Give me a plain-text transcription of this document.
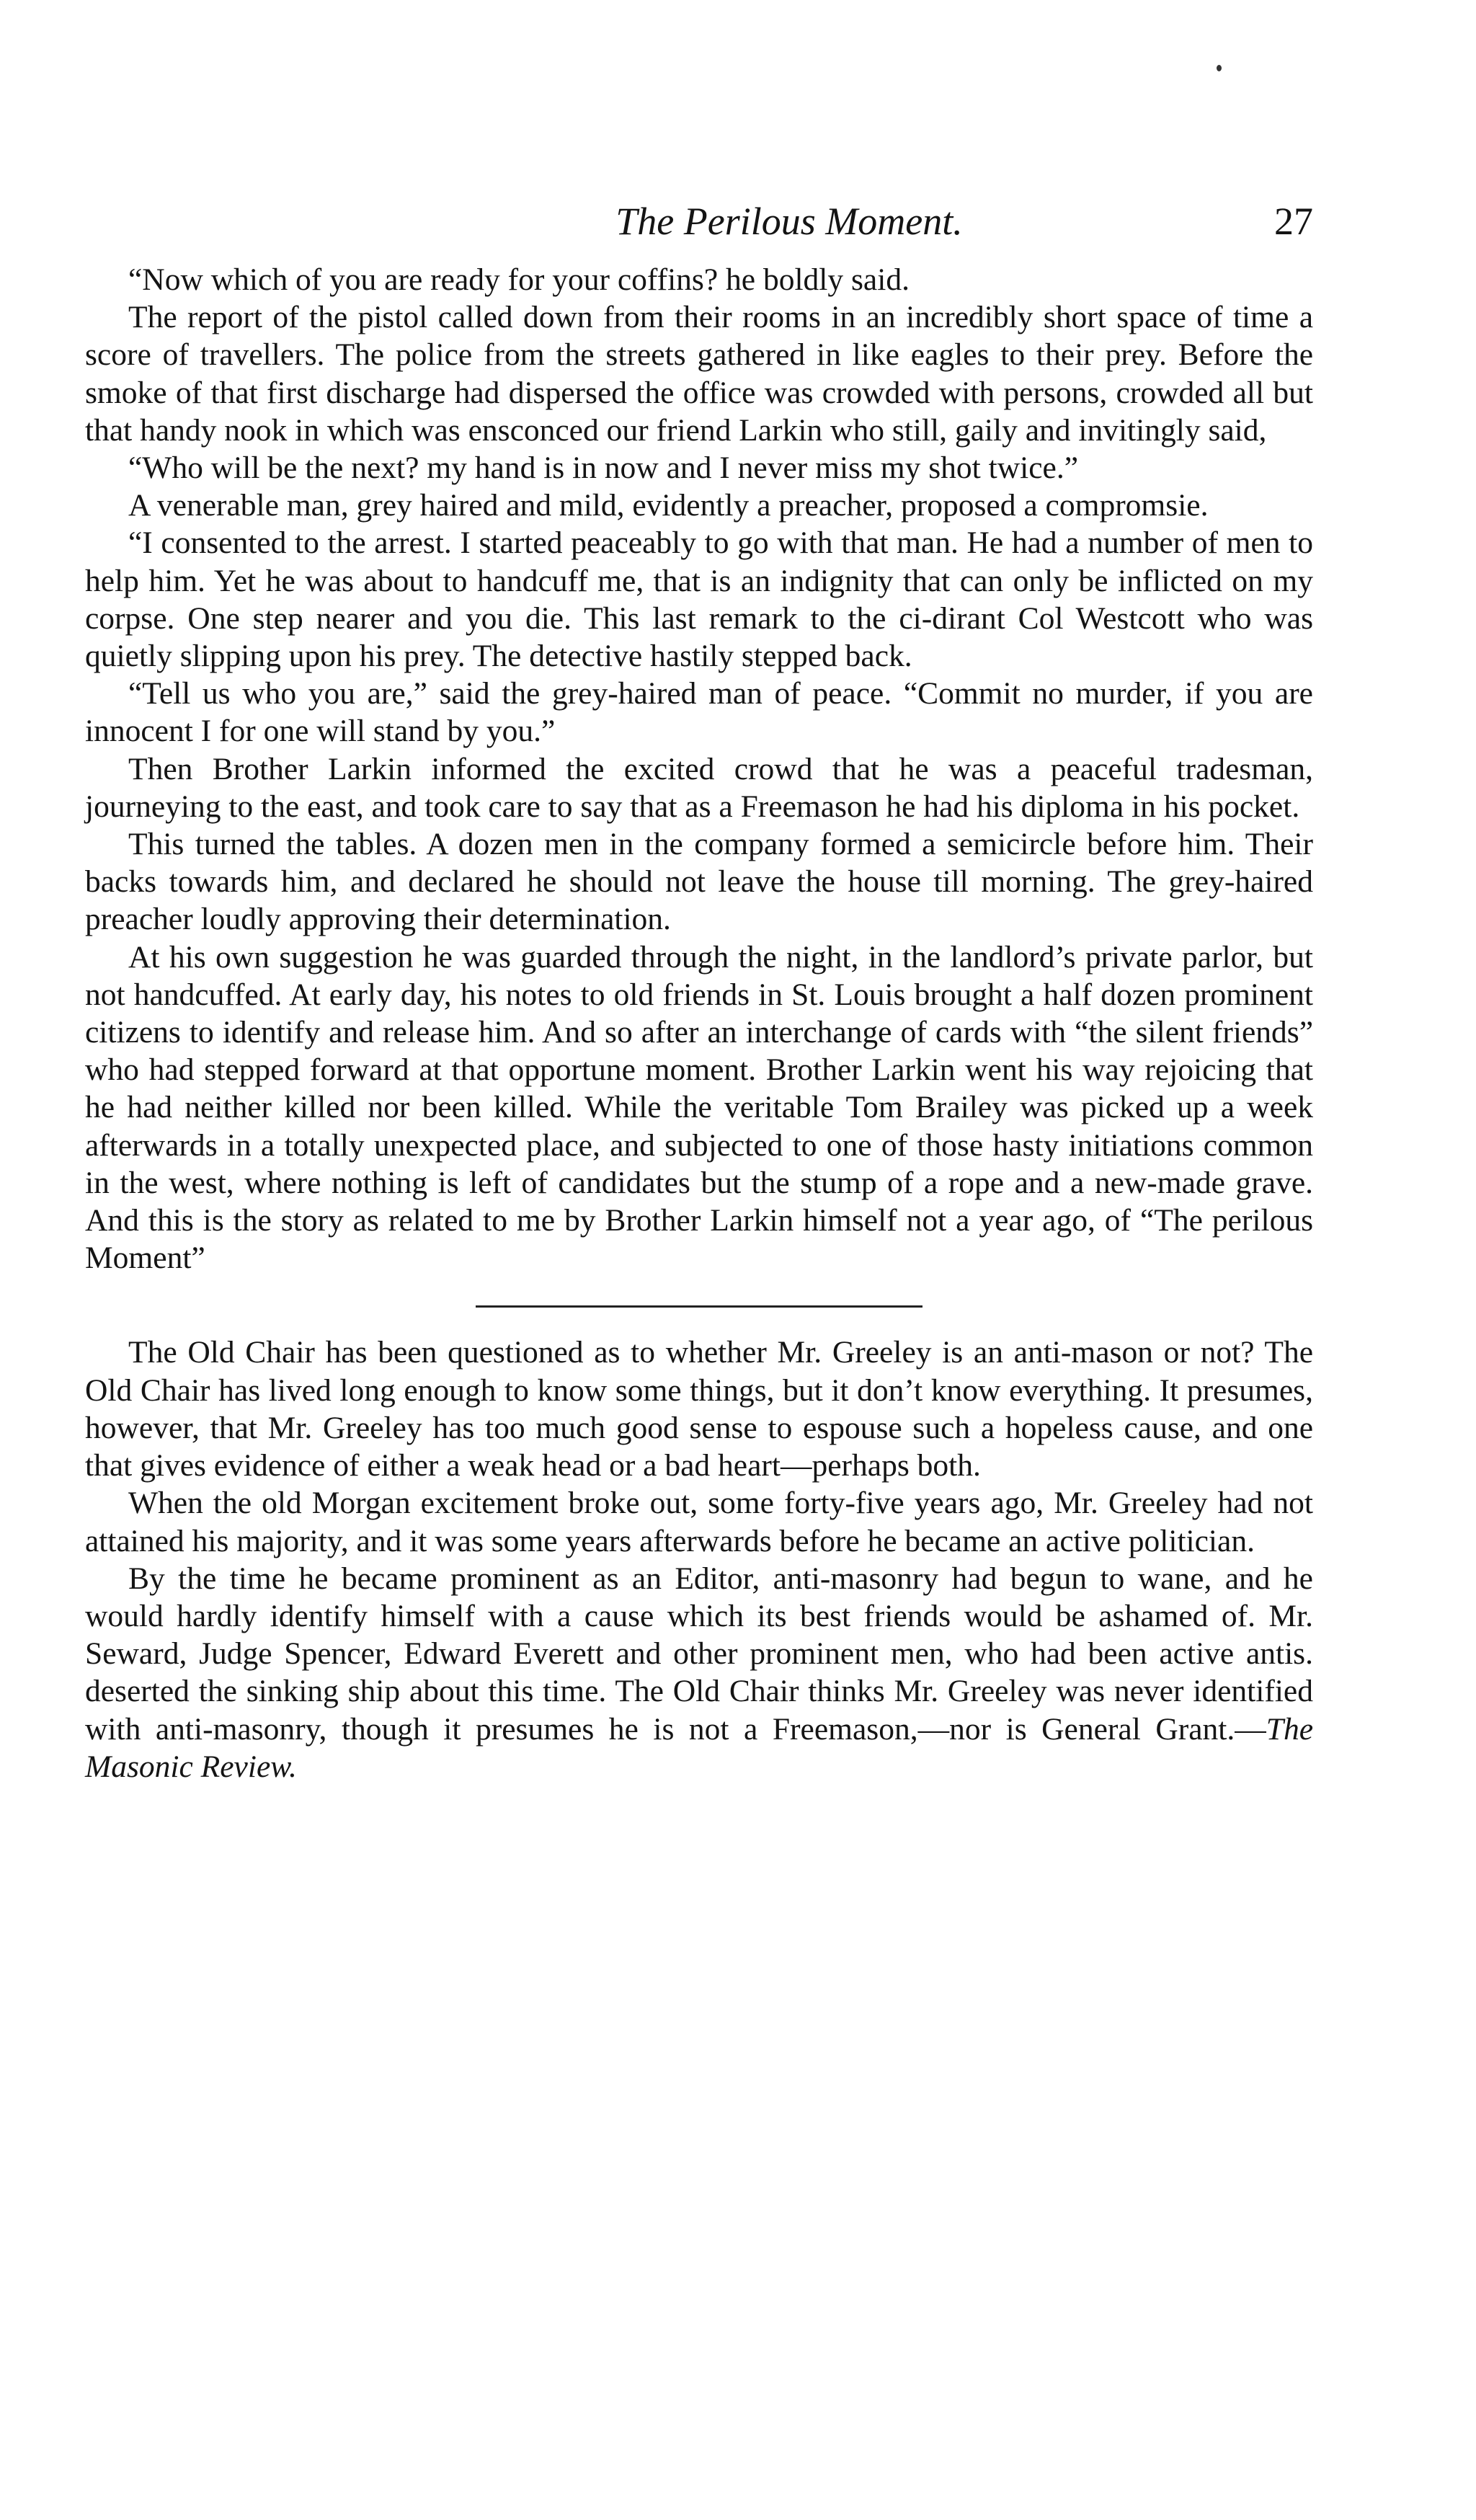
The Perilous Moment.	27

“Now which of you are ready for your coffins? he boldly said.

The report of the pistol called down from their rooms in an incredibly short space of time a score of travellers. The police from the streets gathered in like eagles to their prey. Before the smoke of that first discharge had dispersed the office was crowded with persons, crowded all but that handy nook in which was ensconced our friend Larkin who still, gaily and invitingly said,

“Who will be the next? my hand is in now and I never miss my shot twice.”

A venerable man, grey haired and mild, evidently a preacher, proposed a compromsie.

“I consented to the arrest. I started peaceably to go with that man. He had a number of men to help him. Yet he was about to handcuff me, that is an indignity that can only be inflicted on my corpse. One step nearer and you die. This last remark to the ci-dirant Col Westcott who was quietly slipping upon his prey. The detective hastily stepped back.

“Tell us who you are,” said the grey-haired man of peace. “Commit no murder, if you are innocent I for one will stand by you.”

Then Brother Larkin informed the excited crowd that he was a peaceful tradesman, journeying to the east, and took care to say that as a Freemason he had his diploma in his pocket.

This turned the tables. A dozen men in the company formed a semicircle before him. Their backs towards him, and declared he should not leave the house till morning. The grey-haired preacher loudly approving their determination.

At his own suggestion he was guarded through the night, in the landlord’s private parlor, but not handcuffed. At early day, his notes to old friends in St. Louis brought a half dozen prominent citizens to identify and release him. And so after an interchange of cards with “the silent friends” who had stepped forward at that opportune moment. Brother Larkin went his way rejoicing that he had neither killed nor been killed. While the veritable Tom Brailey was picked up a week afterwards in a totally unexpected place, and subjected to one of those hasty initiations common in the west, where nothing is left of candidates but the stump of a rope and a new-made grave. And this is the story as related to me by Brother Larkin himself not a year ago, of “The perilous Moment”

The Old Chair has been questioned as to whether Mr. Greeley is an anti-mason or not? The Old Chair has lived long enough to know some things, but it don’t know everything. It presumes, however, that Mr. Greeley has too much good sense to espouse such a hopeless cause, and one that gives evidence of either a weak head or a bad heart—perhaps both.

When the old Morgan excitement broke out, some forty-five years ago, Mr. Greeley had not attained his majority, and it was some years afterwards before he became an active politician.

By the time he became prominent as an Editor, anti-masonry had begun to wane, and he would hardly identify himself with a cause which its best friends would be ashamed of. Mr. Seward, Judge Spencer, Edward Everett and other prominent men, who had been active antis. deserted the sinking ship about this time. The Old Chair thinks Mr. Greeley was never identified with anti-masonry, though it presumes he is not a Freemason,—nor is General Grant.—The Masonic Review.
